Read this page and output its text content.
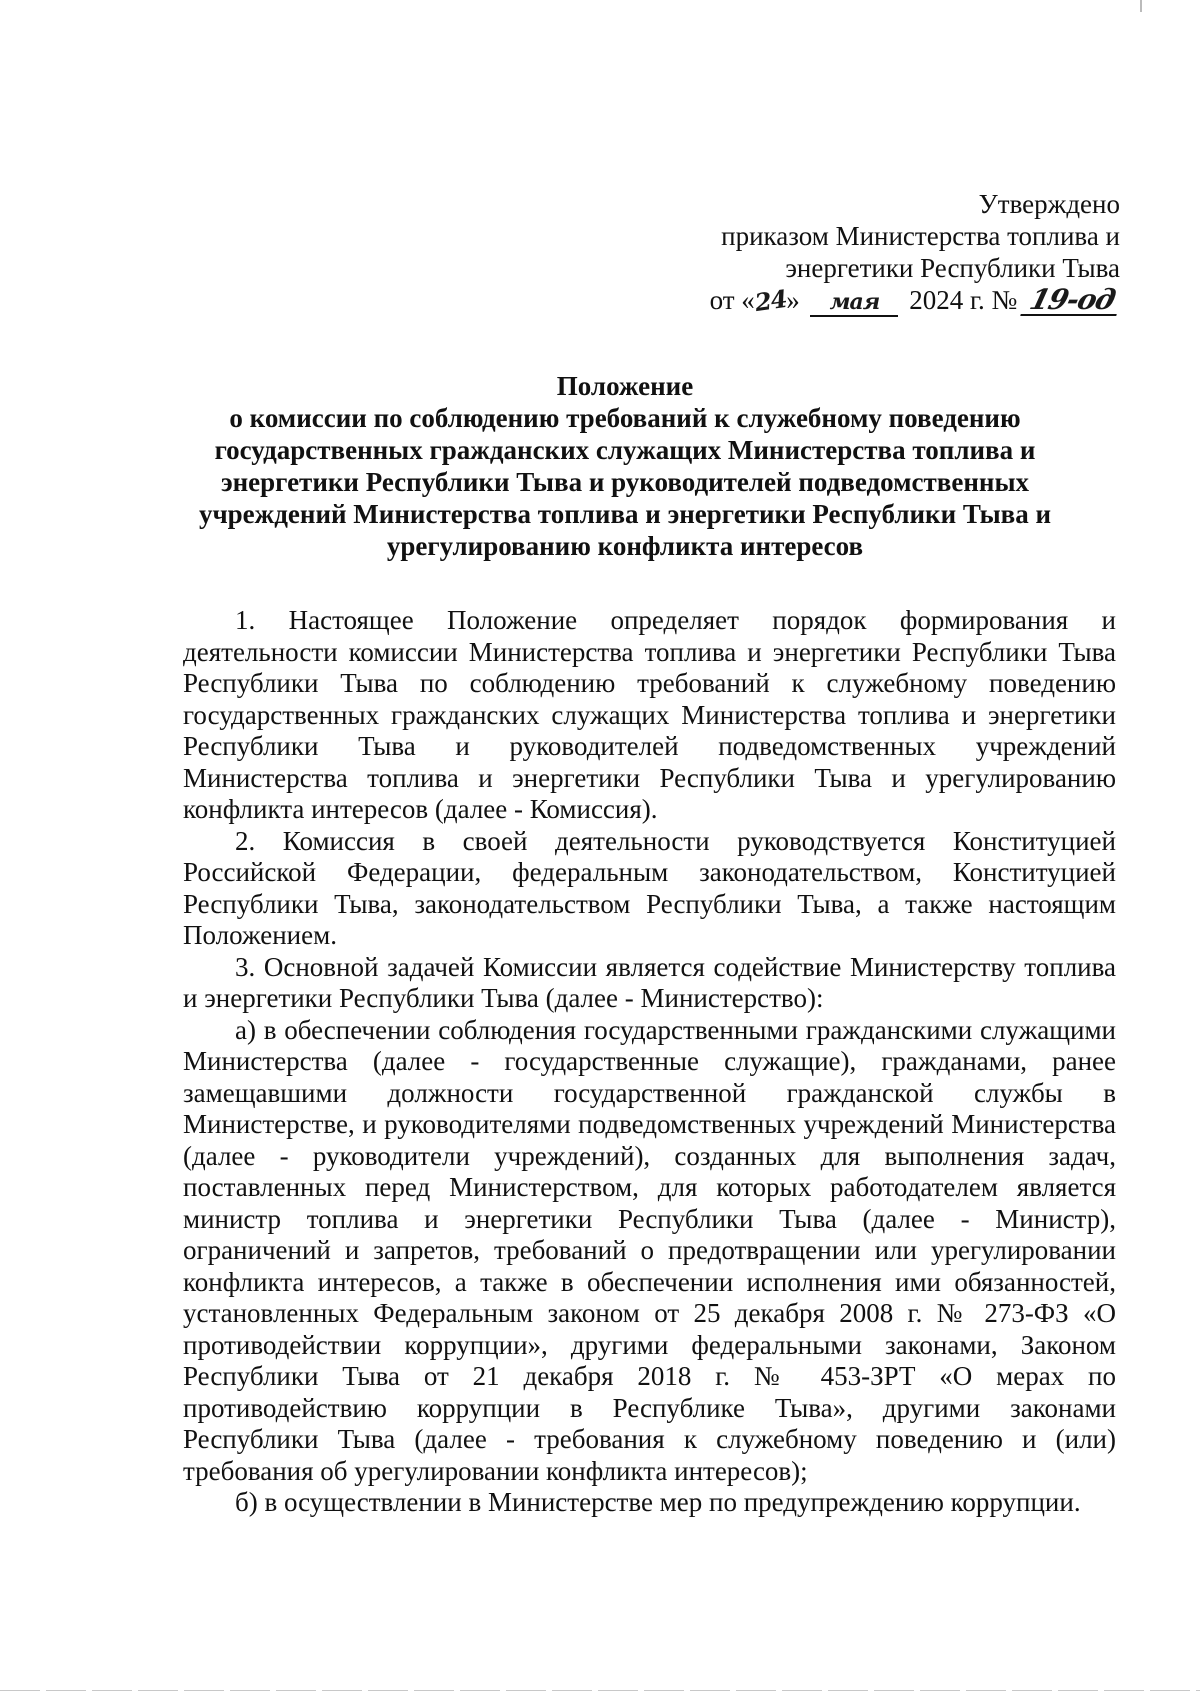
Утверждено
приказом Министерства топлива и
энергетики Республики Тыва
от «24» мая 2024 г. № 19-од
Положение
о комиссии по соблюдению требований к служебному поведению государственных гражданских служащих Министерства топлива и энергетики Республики Тыва и руководителей подведомственных учреждений Министерства топлива и энергетики Республики Тыва и урегулированию конфликта интересов

1. Настоящее Положение определяет порядок формирования и деятельности комиссии Министерства топлива и энергетики Республики Тыва Республики Тыва по соблюдению требований к служебному поведению государственных гражданских служащих Министерства топлива и энергетики Республики Тыва и руководителей подведомственных учреждений Министерства топлива и энергетики Республики Тыва и урегулированию конфликта интересов (далее - Комиссия).

2. Комиссия в своей деятельности руководствуется Конституцией Российской Федерации, федеральным законодательством, Конституцией Республики Тыва, законодательством Республики Тыва, а также настоящим Положением.

3. Основной задачей Комиссии является содействие Министерству топлива и энергетики Республики Тыва (далее - Министерство):

а) в обеспечении соблюдения государственными гражданскими служащими Министерства (далее - государственные служащие), гражданами, ранее замещавшими должности государственной гражданской службы в Министерстве, и руководителями подведомственных учреждений Министерства (далее - руководители учреждений), созданных для выполнения задач, поставленных перед Министерством, для которых работодателем является министр топлива и энергетики Республики Тыва (далее - Министр), ограничений и запретов, требований о предотвращении или урегулировании конфликта интересов, а также в обеспечении исполнения ими обязанностей, установленных Федеральным законом от 25 декабря 2008 г. № 273-ФЗ «О противодействии коррупции», другими федеральными законами, Законом Республики Тыва от 21 декабря 2018 г. № 453-ЗРТ «О мерах по противодействию коррупции в Республике Тыва», другими законами Республики Тыва (далее - требования к служебному поведению и (или) требования об урегулировании конфликта интересов);

б) в осуществлении в Министерстве мер по предупреждению коррупции.
